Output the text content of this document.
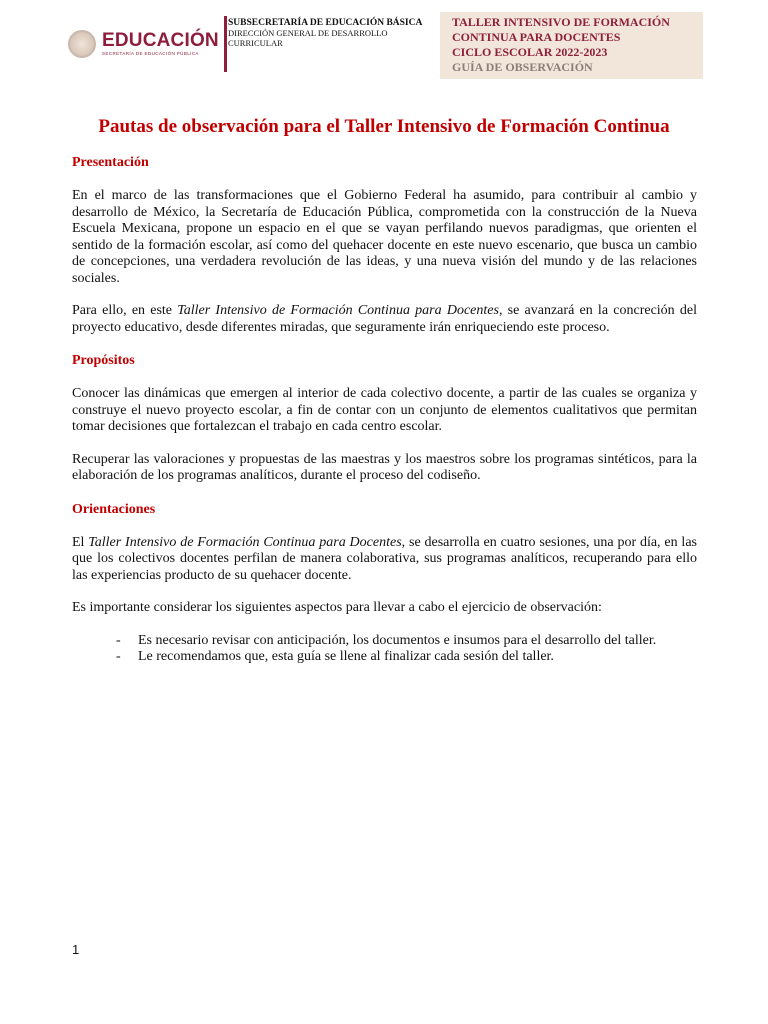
EDUCACIÓN
SECRETARÍA DE EDUCACIÓN PÚBLICA
SUBSECRETARÍA DE EDUCACIÓN BÁSICA
DIRECCIÓN GENERAL DE DESARROLLO CURRICULAR
TALLER INTENSIVO DE FORMACIÓN
CONTINUA PARA DOCENTES
CICLO ESCOLAR 2022-2023
GUÍA DE OBSERVACIÓN
Pautas de observación para el Taller Intensivo de Formación Continua
Presentación

En el marco de las transformaciones que el Gobierno Federal ha asumido, para contribuir al cambio y desarrollo de México, la Secretaría de Educación Pública, comprometida con la construcción de la Nueva Escuela Mexicana, propone un espacio en el que se vayan perfilando nuevos paradigmas, que orienten el sentido de la formación escolar, así como del quehacer docente en este nuevo escenario, que busca un cambio de concepciones, una verdadera revolución de las ideas, y una nueva visión del mundo y de las relaciones sociales.

Para ello, en este Taller Intensivo de Formación Continua para Docentes, se avanzará en la concreción del proyecto educativo, desde diferentes miradas, que seguramente irán enriqueciendo este proceso.

Propósitos

Conocer las dinámicas que emergen al interior de cada colectivo docente, a partir de las cuales se organiza y construye el nuevo proyecto escolar, a fin de contar con un conjunto de elementos cualitativos que permitan tomar decisiones que fortalezcan el trabajo en cada centro escolar.

Recuperar las valoraciones y propuestas de las maestras y los maestros sobre los programas sintéticos, para la elaboración de los programas analíticos, durante el proceso del codiseño.

Orientaciones

El Taller Intensivo de Formación Continua para Docentes, se desarrolla en cuatro sesiones, una por día, en las que los colectivos docentes perfilan de manera colaborativa, sus programas analíticos, recuperando para ello las experiencias producto de su quehacer docente.

Es importante considerar los siguientes aspectos para llevar a cabo el ejercicio de observación:

-	Es necesario revisar con anticipación, los documentos e insumos para el desarrollo del taller.
-	Le recomendamos que, esta guía se llene al finalizar cada sesión del taller.
1
